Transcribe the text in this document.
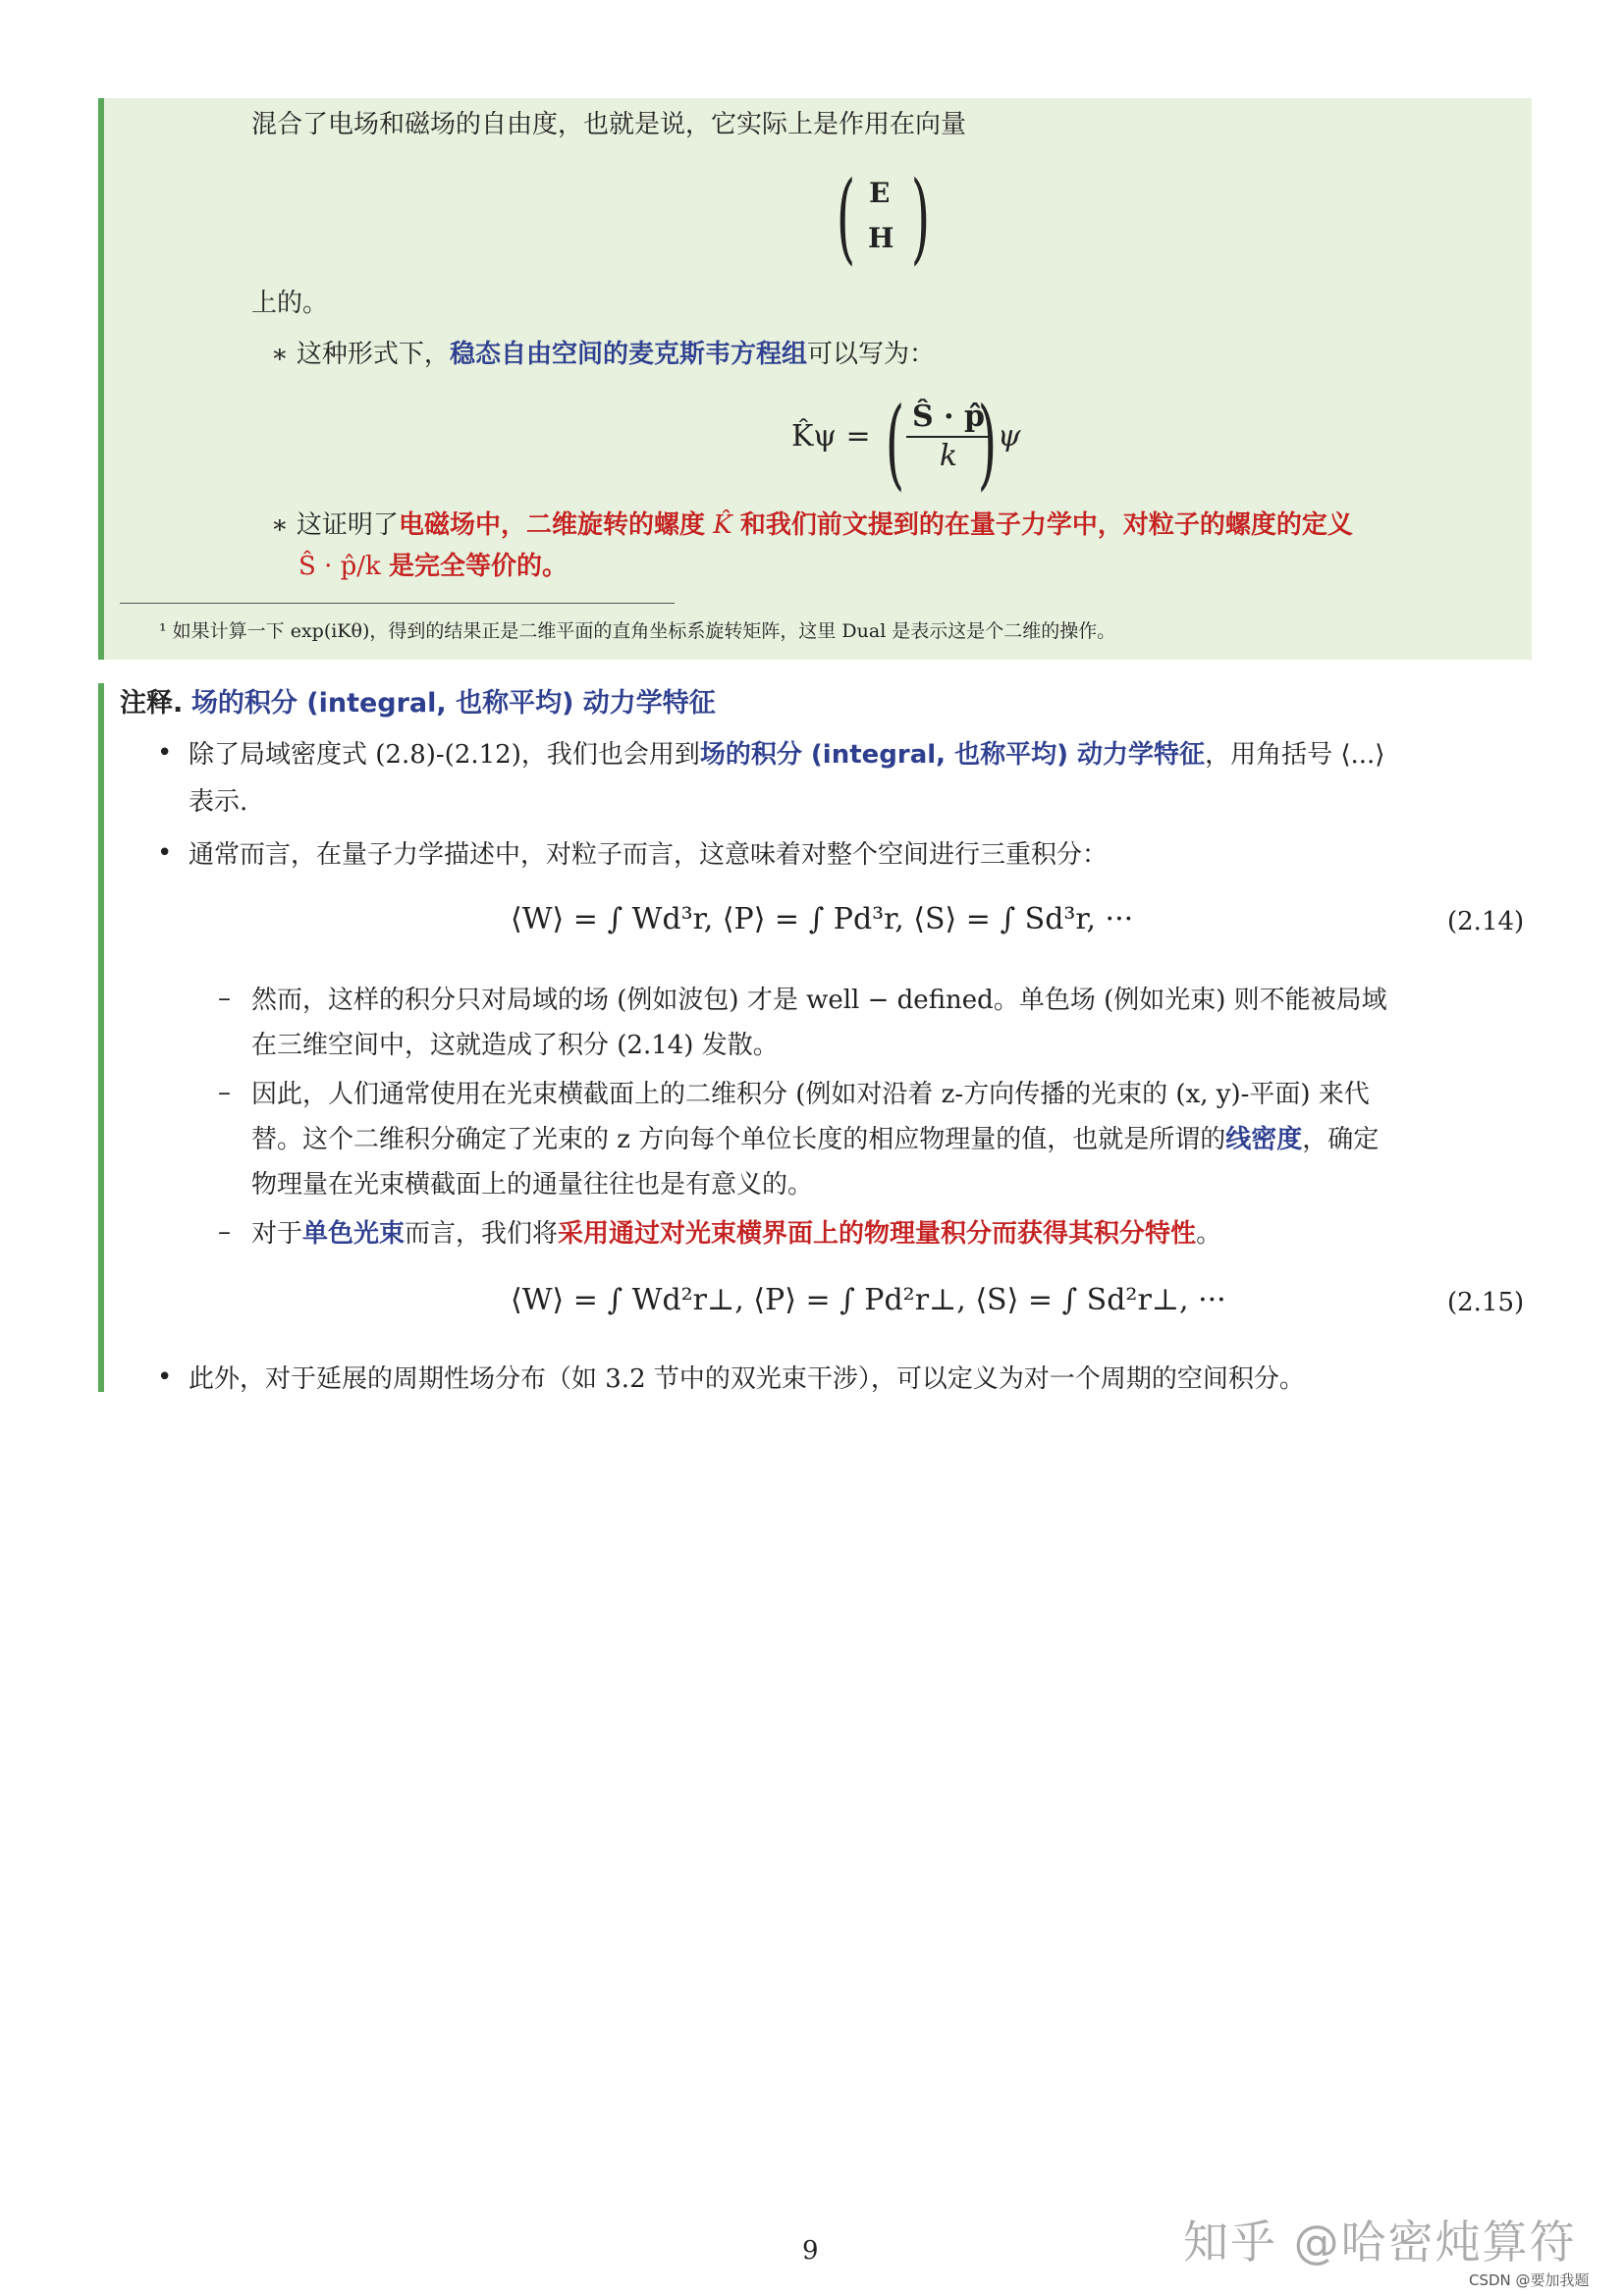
混合了电场和磁场的自由度，也就是说，它实际上是作用在向量
( E
H )
上的。
∗ 这种形式下，稳态自由空间的麦克斯韦方程组可以写为：
K̂ψ = ( $\frac{Ŝ \cdot p̂}{k}$
) ψ
∗ 这证明了电磁场中，二维旋转的螺度 K̂ 和我们前文提到的在量子力学中，对粒子的螺度的定义
Ŝ · p̂/k 是完全等价的。
¹ 如果计算一下 exp(iKθ)，得到的结果正是二维平面的直角坐标系旋转矩阵，这里 Dual 是表示这是个二维的操作。
注释. 场的积分 (integral, 也称平均) 动力学特征
• 除了局域密度式 (2.8)-(2.12)，我们也会用到场的积分 (integral, 也称平均) 动力学特征，用角括号 ⟨...⟩
表示.
• 通常而言，在量子力学描述中，对粒子而言，这意味着对整个空间进行三重积分：
⟨W⟩ = ∫ Wd³r, ⟨P⟩ = ∫ Pd³r, ⟨S⟩ = ∫ Sd³r, ···	(2.14)
– 然而，这样的积分只对局域的场 (例如波包) 才是 well − defined。单色场 (例如光束) 则不能被局域
在三维空间中，这就造成了积分 (2.14) 发散。
– 因此，人们通常使用在光束横截面上的二维积分 (例如对沿着 z-方向传播的光束的 (x, y)-平面) 来代
替。这个二维积分确定了光束的 z 方向每个单位长度的相应物理量的值，也就是所谓的线密度，确定
物理量在光束横截面上的通量往往也是有意义的。
– 对于单色光束而言，我们将采用通过对光束横界面上的物理量积分而获得其积分特性。
⟨W⟩ = ∫ Wd²r⊥, ⟨P⟩ = ∫ Pd²r⊥, ⟨S⟩ = ∫ Sd²r⊥, ···	(2.15)
• 此外，对于延展的周期性场分布（如 3.2 节中的双光束干涉），可以定义为对一个周期的空间积分。
9	知乎 @哈密炖算符
CSDN @要加我题
